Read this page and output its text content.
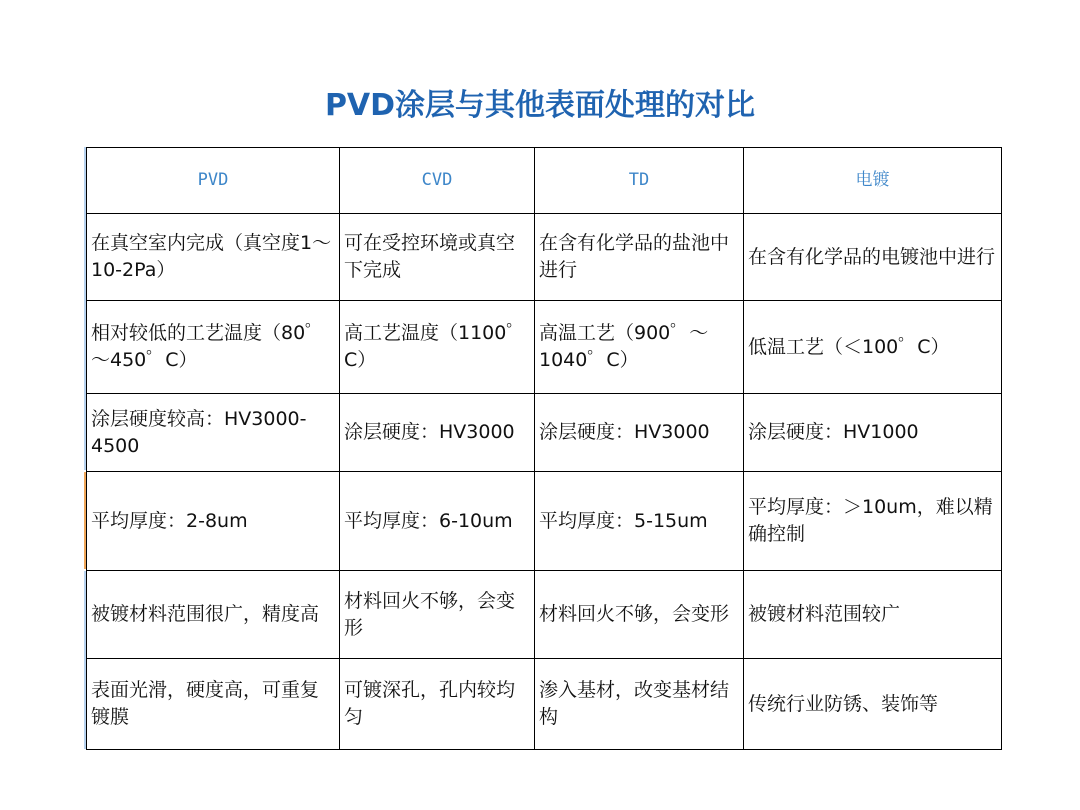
PVD涂层与其他表面处理的对比
PVD	CVD	TD	电镀
在真空室内完成（真空度1～10-2Pa）	可在受控环境或真空下完成	在含有化学品的盐池中进行	在含有化学品的电镀池中进行
相对较低的工艺温度（80゜～450゜C）	高工艺温度（1100゜C）	高温工艺（900゜～1040゜C）	低温工艺（＜100゜C）
涂层硬度较高：HV3000-4500	涂层硬度：HV3000	涂层硬度：HV3000	涂层硬度：HV1000
平均厚度：2-8um	平均厚度：6-10um	平均厚度：5-15um	平均厚度：＞10um，难以精确控制
被镀材料范围很广，精度高	材料回火不够，会变形	材料回火不够，会变形	被镀材料范围较广
表面光滑，硬度高，可重复镀膜	可镀深孔，孔内较均匀	渗入基材，改变基材结构	传统行业防锈、装饰等
